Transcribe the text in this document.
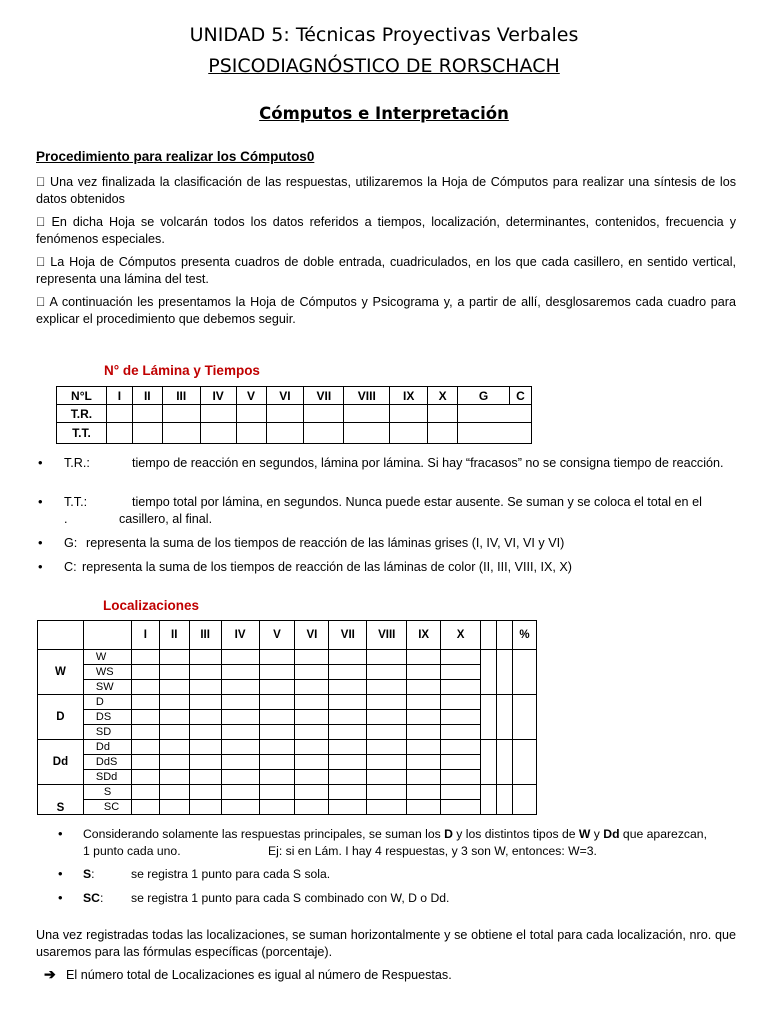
UNIDAD 5: Técnicas Proyectivas Verbales
PSICODIAGNÓSTICO DE RORSCHACH
Cómputos e Interpretación
Procedimiento para realizar los Cómputos0
  Una vez finalizada la clasificación de las respuestas, utilizaremos la Hoja de Cómputos para realizar una síntesis de los datos obtenidos
  En dicha Hoja se volcarán todos los datos referidos a tiempos, localización, determinantes, contenidos, frecuencia y fenómenos especiales.
  La Hoja de Cómputos presenta cuadros de doble entrada, cuadriculados, en los que cada casillero, en sentido vertical, representa una lámina del test.
  A continuación les presentamos la Hoja de Cómputos y Psicograma y, a partir de allí, desglosaremos cada cuadro para explicar el procedimiento que debemos seguir.
N° de Lámina y Tiempos
N°L	I	II	III	IV	V	VI	VII	VIII	IX	X	G	C
T.R.												
T.T.												
• T.R.:	tiempo de reacción en segundos, lámina por lámina. Si hay “fracasos” no se consigna tiempo de reacción.
• T.T.:	tiempo total por lámina, en segundos. Nunca puede estar ausente. Se suman y se coloca el total en el
.	casillero, al final.
• G: representa la suma de los tiempos de reacción de las láminas grises (I, IV, VI, VI y VI)
• C: representa la suma de los tiempos de reacción de las láminas de color (II, III, VIII, IX, X)
Localizaciones
		I	II	III	IV	V	VI	VII	VIII	IX	X			%
W	W													
	WS													
	SW													
D	D													
	DS													
	SD													
Dd	Dd													
	DdS													
	SDd													
S	S													
	SC													
• Considerando solamente las respuestas principales, se suman los D y los distintos tipos de W y Dd que aparezcan,
1 punto cada uno.	Ej: si en Lám. I hay 4 respuestas, y 3 son W, entonces: W=3.
• S:	se registra 1 punto para cada S sola.
• SC: se registra 1 punto para cada S combinado con W, D o Dd.
Una vez registradas todas las localizaciones, se suman horizontalmente y se obtiene el total para cada localización, nro. que usaremos para las fórmulas específicas (porcentaje).
➔ El número total de Localizaciones es igual al número de Respuestas.
